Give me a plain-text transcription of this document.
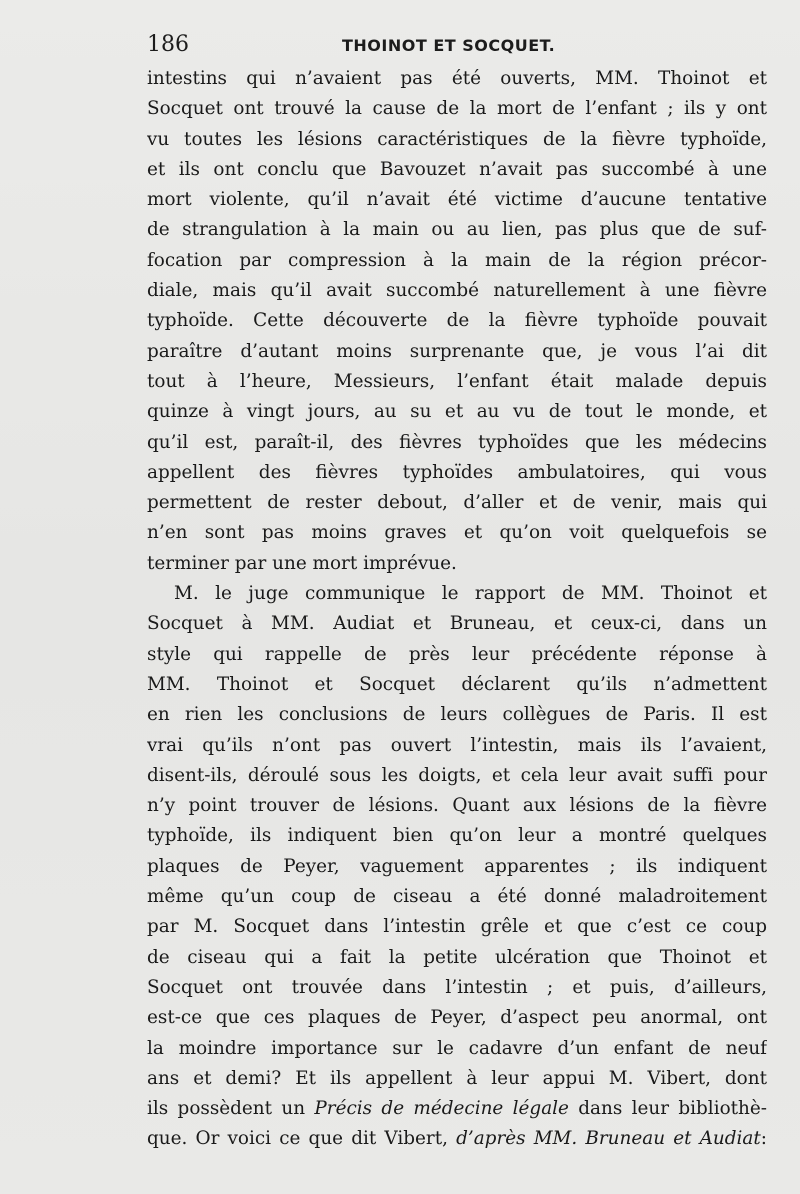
186	THOINOT ET SOCQUET.
intestins qui n’avaient pas été ouverts, MM. Thoinot et
Socquet ont trouvé la cause de la mort de l’enfant ; ils y ont
vu toutes les lésions caractéristiques de la fièvre typhoïde,
et ils ont conclu que Bavouzet n’avait pas succombé à une
mort violente, qu’il n’avait été victime d’aucune tentative
de strangulation à la main ou au lien, pas plus que de suf-
focation par compression à la main de la région précor-
diale, mais qu’il avait succombé naturellement à une fièvre
typhoïde. Cette découverte de la fièvre typhoïde pouvait
paraître d’autant moins surprenante que, je vous l’ai dit
tout à l’heure, Messieurs, l’enfant était malade depuis
quinze à vingt jours, au su et au vu de tout le monde, et
qu’il est, paraît-il, des fièvres typhoïdes que les médecins
appellent des fièvres typhoïdes ambulatoires, qui vous
permettent de rester debout, d’aller et de venir, mais qui
n’en sont pas moins graves et qu’on voit quelquefois se
terminer par une mort imprévue.
M. le juge communique le rapport de MM. Thoinot et
Socquet à MM. Audiat et Bruneau, et ceux-ci, dans un
style qui rappelle de près leur précédente réponse à
MM. Thoinot et Socquet déclarent qu’ils n’admettent
en rien les conclusions de leurs collègues de Paris. Il est
vrai qu’ils n’ont pas ouvert l’intestin, mais ils l’avaient,
disent-ils, déroulé sous les doigts, et cela leur avait suffi pour
n’y point trouver de lésions. Quant aux lésions de la fièvre
typhoïde, ils indiquent bien qu’on leur a montré quelques
plaques de Peyer, vaguement apparentes ; ils indiquent
même qu’un coup de ciseau a été donné maladroitement
par M. Socquet dans l’intestin grêle et que c’est ce coup
de ciseau qui a fait la petite ulcération que Thoinot et
Socquet ont trouvée dans l’intestin ; et puis, d’ailleurs,
est-ce que ces plaques de Peyer, d’aspect peu anormal, ont
la moindre importance sur le cadavre d’un enfant de neuf
ans et demi? Et ils appellent à leur appui M. Vibert, dont
ils possèdent un Précis de médecine légale dans leur bibliothè-
que. Or voici ce que dit Vibert, d’après MM. Bruneau et Audiat:
